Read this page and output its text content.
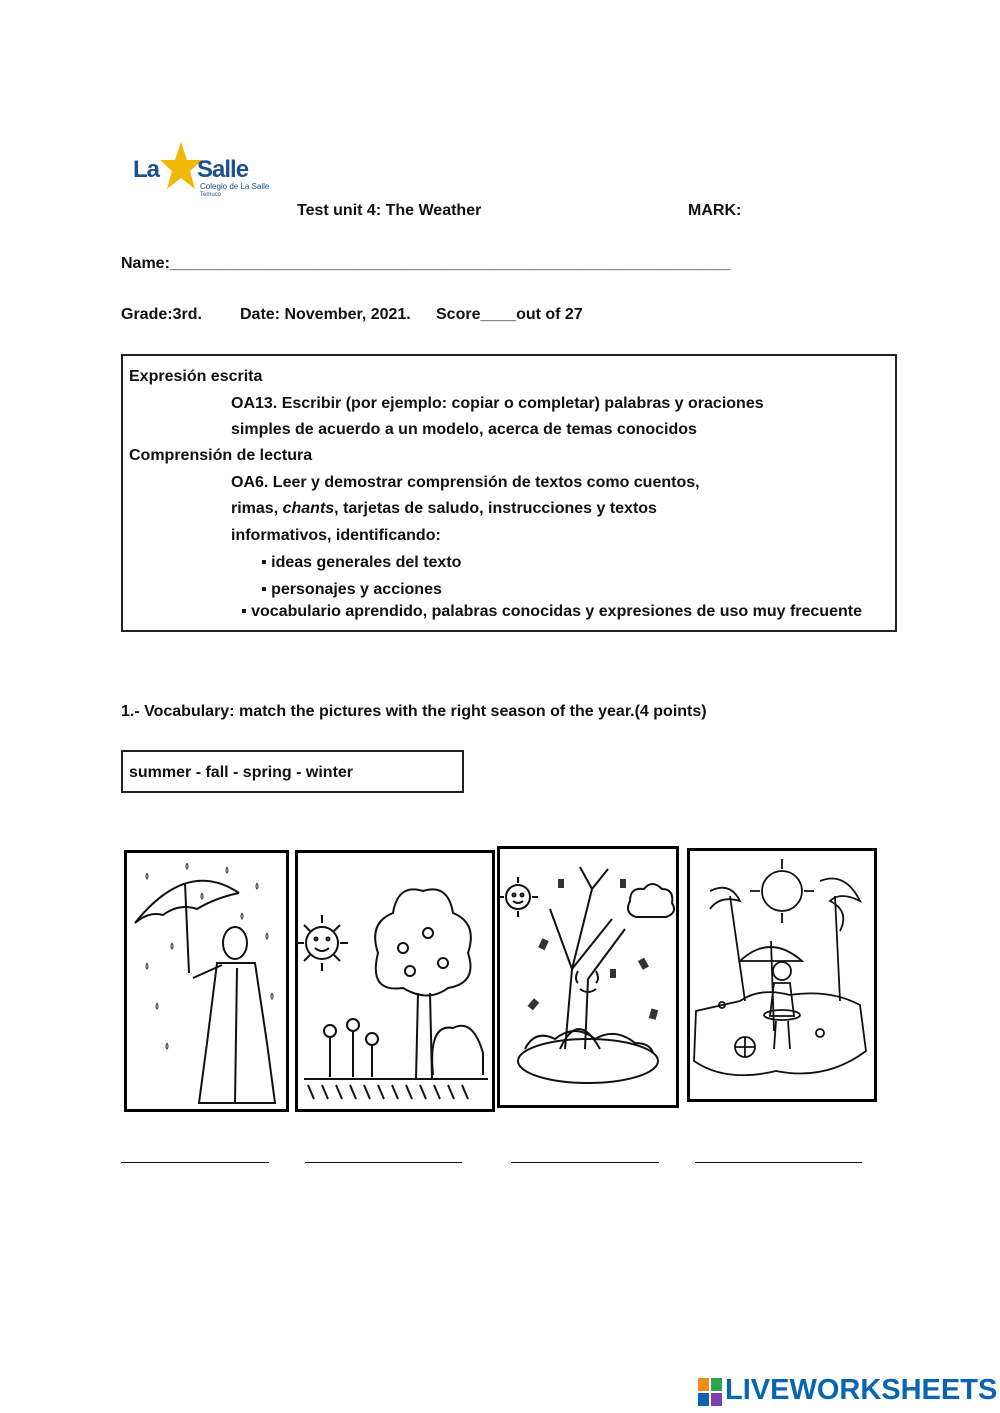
La Salle
Colegio de La Salle
Temuco
Test unit 4: The Weather	MARK:
Name:_______________________________________________________________
Grade:3rd. Date: November, 2021. Score____out of 27
Expresión escrita
OA13. Escribir (por ejemplo: copiar o completar) palabras y oraciones
simples de acuerdo a un modelo, acerca de temas conocidos
Comprensión de lectura
OA6. Leer y demostrar comprensión de textos como cuentos,
rimas, chants, tarjetas de saludo, instrucciones y textos
informativos, identificando:
▪ ideas generales del texto
▪ personajes y acciones
▪ vocabulario aprendido, palabras conocidas y expresiones de uso muy frecuente
1.- Vocabulary: match the pictures with the right season of the year.(4 points)
summer - fall - spring - winter
LIVEWORKSHEETS
